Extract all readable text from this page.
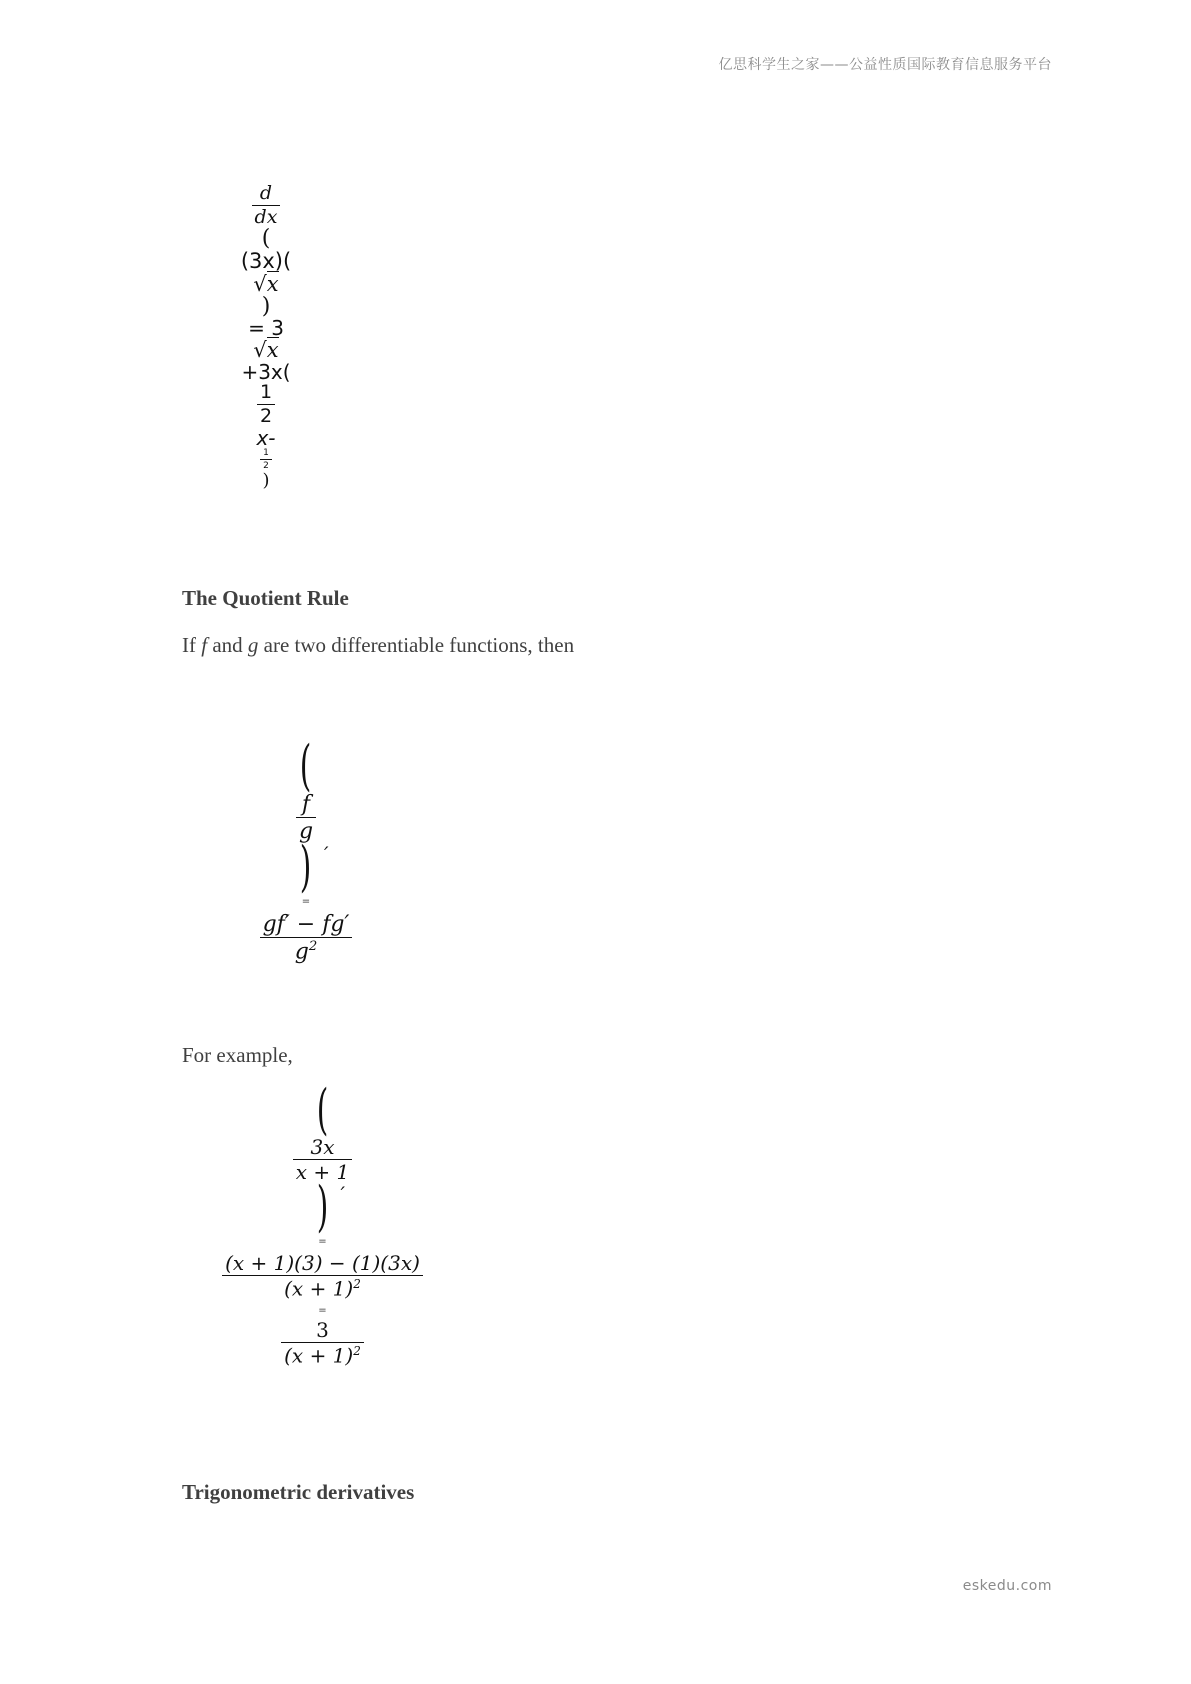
亿思科学生之家——公益性质国际教育信息服务平台
eskedu.com
$\frac{d}{dx}$
(
(3x)(
√x
)
= 3
√x
+3x(
$\frac{1}{2}$
x-
$\frac{1}{2}$
)
The Quotient Rule
If f and g are two differentiable functions, then
(
$\frac{f}{g}$
) ′
=
$\frac{gf' - fg'}{g^2}$
For example,
(
$\frac{3x}{x + 1}$
) ′
=
$\frac{(x + 1)(3) - (1)(3x)}{(x + 1)^2}$
=
$\frac{3}{(x + 1)^2}$
Trigonometric derivatives
